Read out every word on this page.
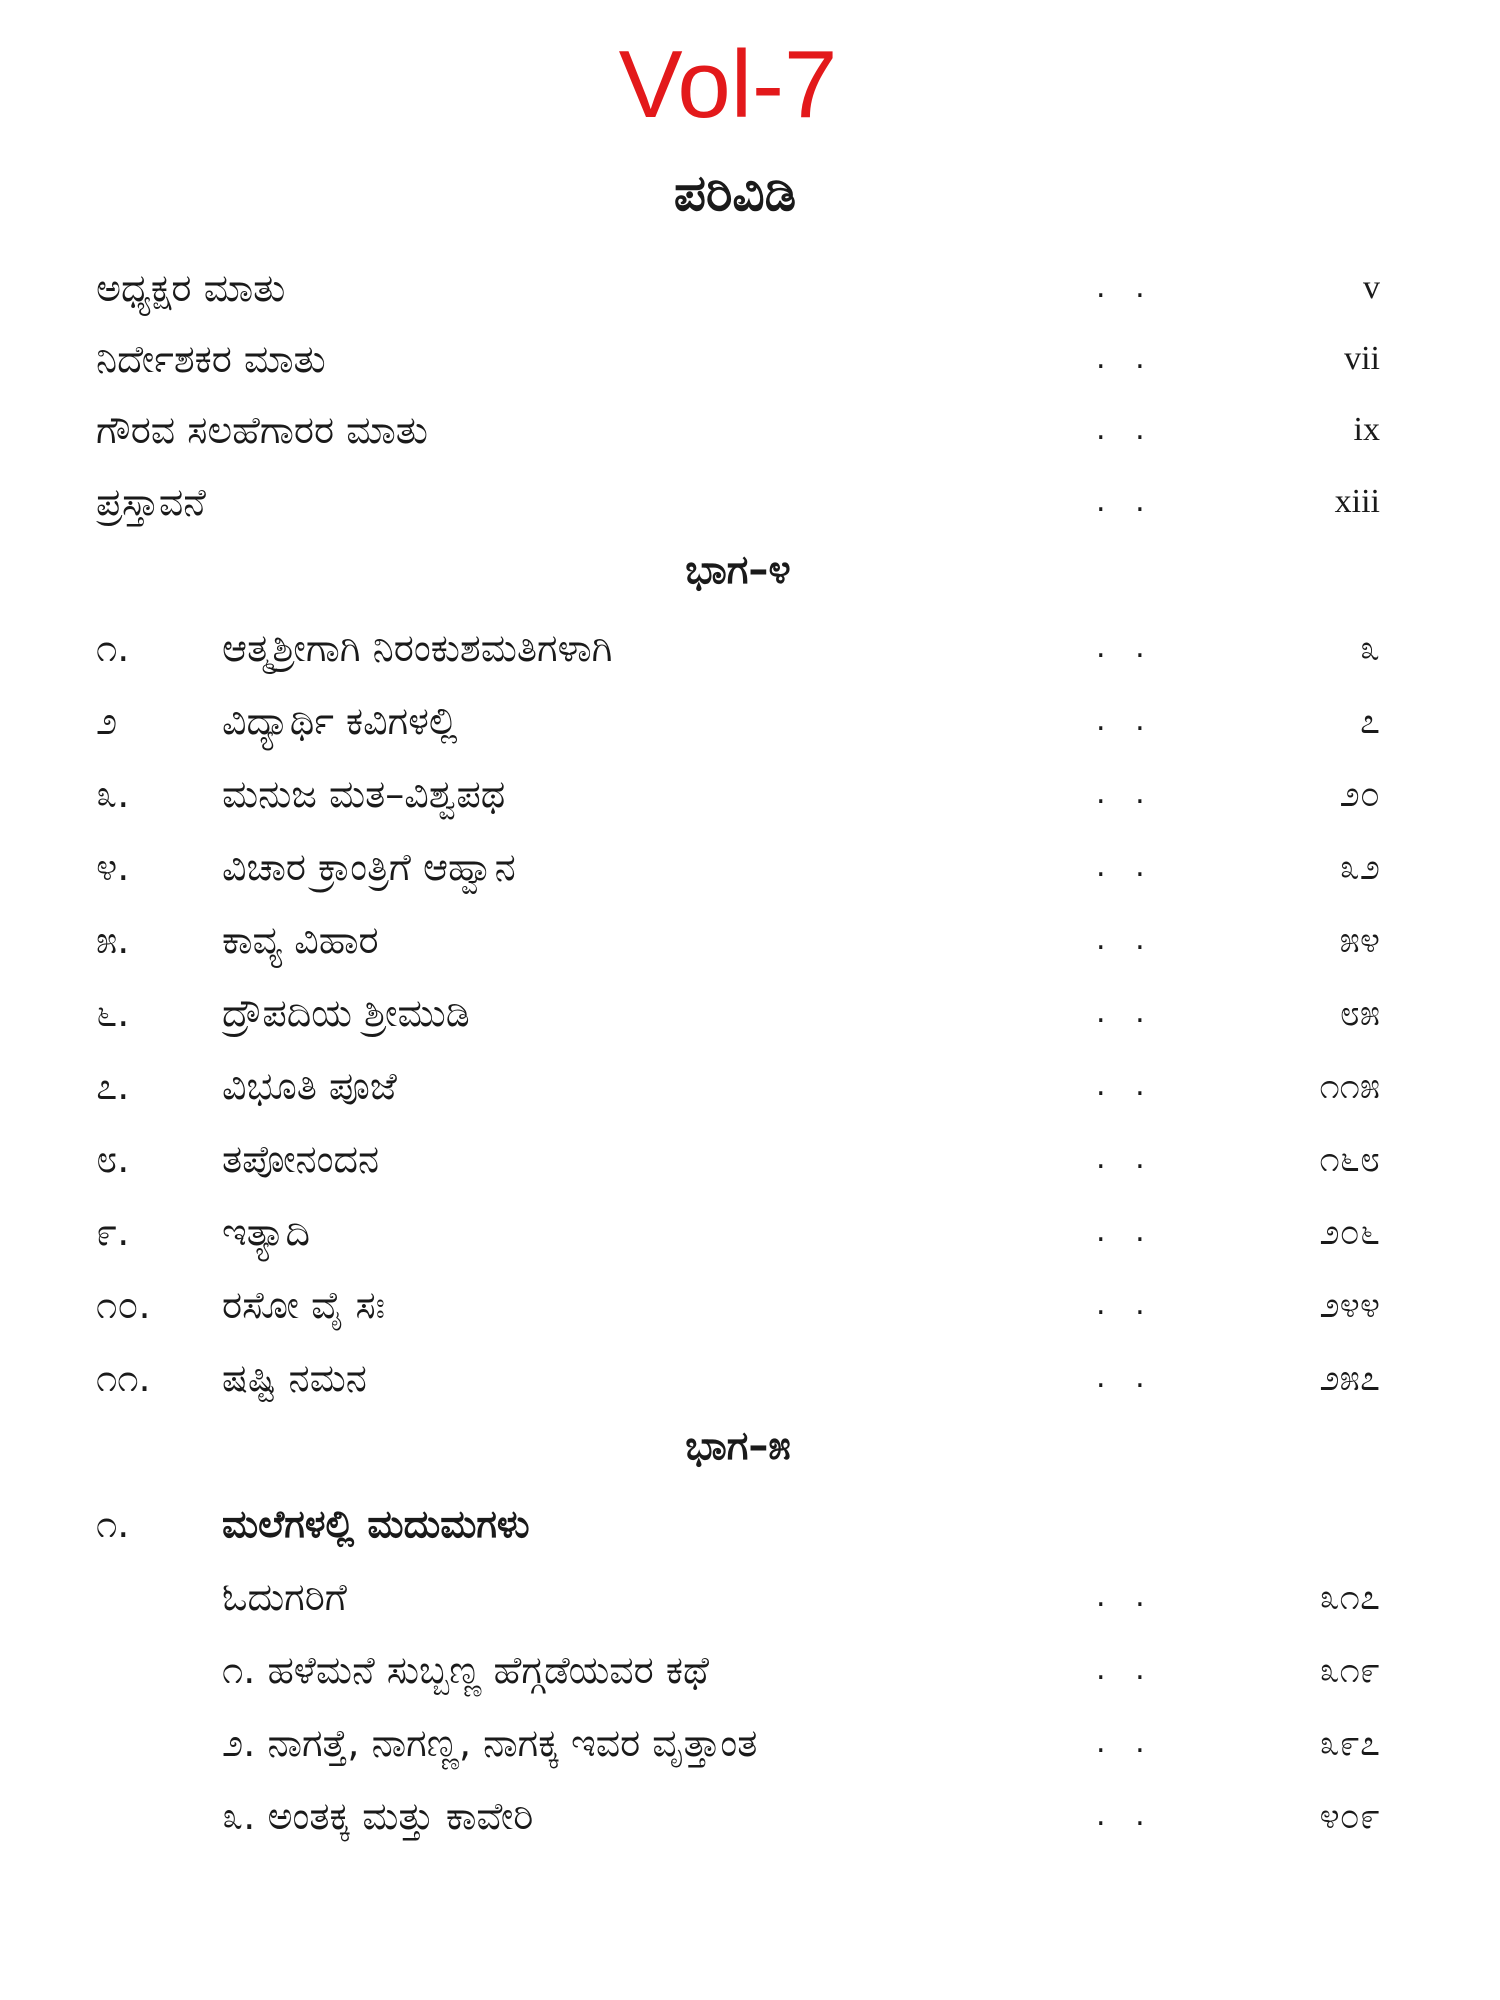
Vol-7
ಪರಿವಿಡಿ
ಅಧ್ಯಕ್ಷರ ಮಾತು	. .	v
ನಿರ್ದೇಶಕರ ಮಾತು	. .	vii
ಗೌರವ ಸಲಹೆಗಾರರ ಮಾತು	. .	ix
ಪ್ರಸ್ತಾವನೆ	. .	xiii
ಭಾಗ–೪
೧. ಆತ್ಮಶ್ರೀಗಾಗಿ ನಿರಂಕುಶಮತಿಗಳಾಗಿ	. .	೩
೨	ವಿದ್ಯಾರ್ಥಿ ಕವಿಗಳಲ್ಲಿ	. .	೭
೩. ಮನುಜ ಮತ–ವಿಶ್ವಪಥ	. .	೨೦
೪. ವಿಚಾರ ಕ್ರಾಂತ್ರಿಗೆ ಆಹ್ವಾನ	. .	೩೨
೫. ಕಾವ್ಯ ವಿಹಾರ	. .	೫೪
೬. ದ್ರೌಪದಿಯ ಶ್ರೀಮುಡಿ	. .	೮೫
೭. ವಿಭೂತಿ ಪೂಜೆ	. .	೧೧೫
೮. ತಪೋನಂದನ	. .	೧೬೮
೯. ಇತ್ಯಾದಿ	. .	೨೦೬
೧೦. ರಸೋ ವೈ ಸಃ	. .	೨೪೪
೧೧. ಷಷ್ಟಿ ನಮನ	. .	೨೫೭
ಭಾಗ–೫
೧. ಮಲೆಗಳಲ್ಲಿ ಮದುಮಗಳು
ಓದುಗರಿಗೆ	. .	೩೧೭
೧. ಹಳೆಮನೆ ಸುಬ್ಬಣ್ಣ ಹೆಗ್ಗಡೆಯವರ ಕಥೆ	. .	೩೧೯
೨. ನಾಗತ್ತೆ, ನಾಗಣ್ಣ, ನಾಗಕ್ಕ ಇವರ ವೃತ್ತಾಂತ	. .	೩೯೭
೩. ಅಂತಕ್ಕ ಮತ್ತು ಕಾವೇರಿ	. .	೪೦೯
